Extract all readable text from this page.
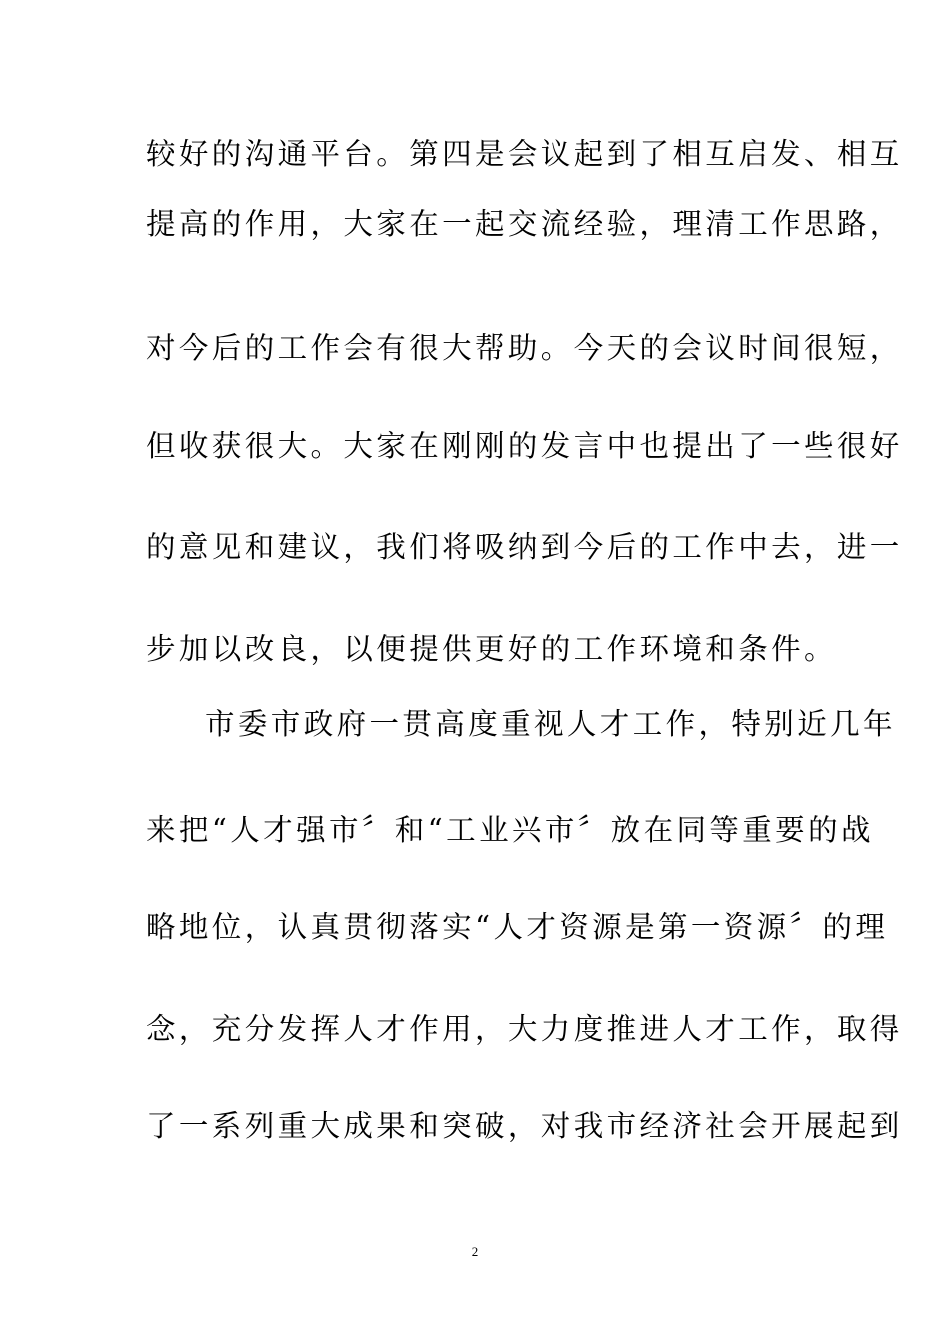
较好的沟通平台。第四是会议起到了相互启发、相互
提高的作用，大家在一起交流经验，理清工作思路，
对今后的工作会有很大帮助。今天的会议时间很短，
但收获很大。大家在刚刚的发言中也提出了一些很好
的意见和建议，我们将吸纳到今后的工作中去，进一
步加以改良，以便提供更好的工作环境和条件。
市委市政府一贯高度重视人才工作，特别近几年
来把“人才强市〞和“工业兴市〞放在同等重要的战
略地位，认真贯彻落实“人才资源是第一资源〞的理
念，充分发挥人才作用，大力度推进人才工作，取得
了一系列重大成果和突破，对我市经济社会开展起到
2
